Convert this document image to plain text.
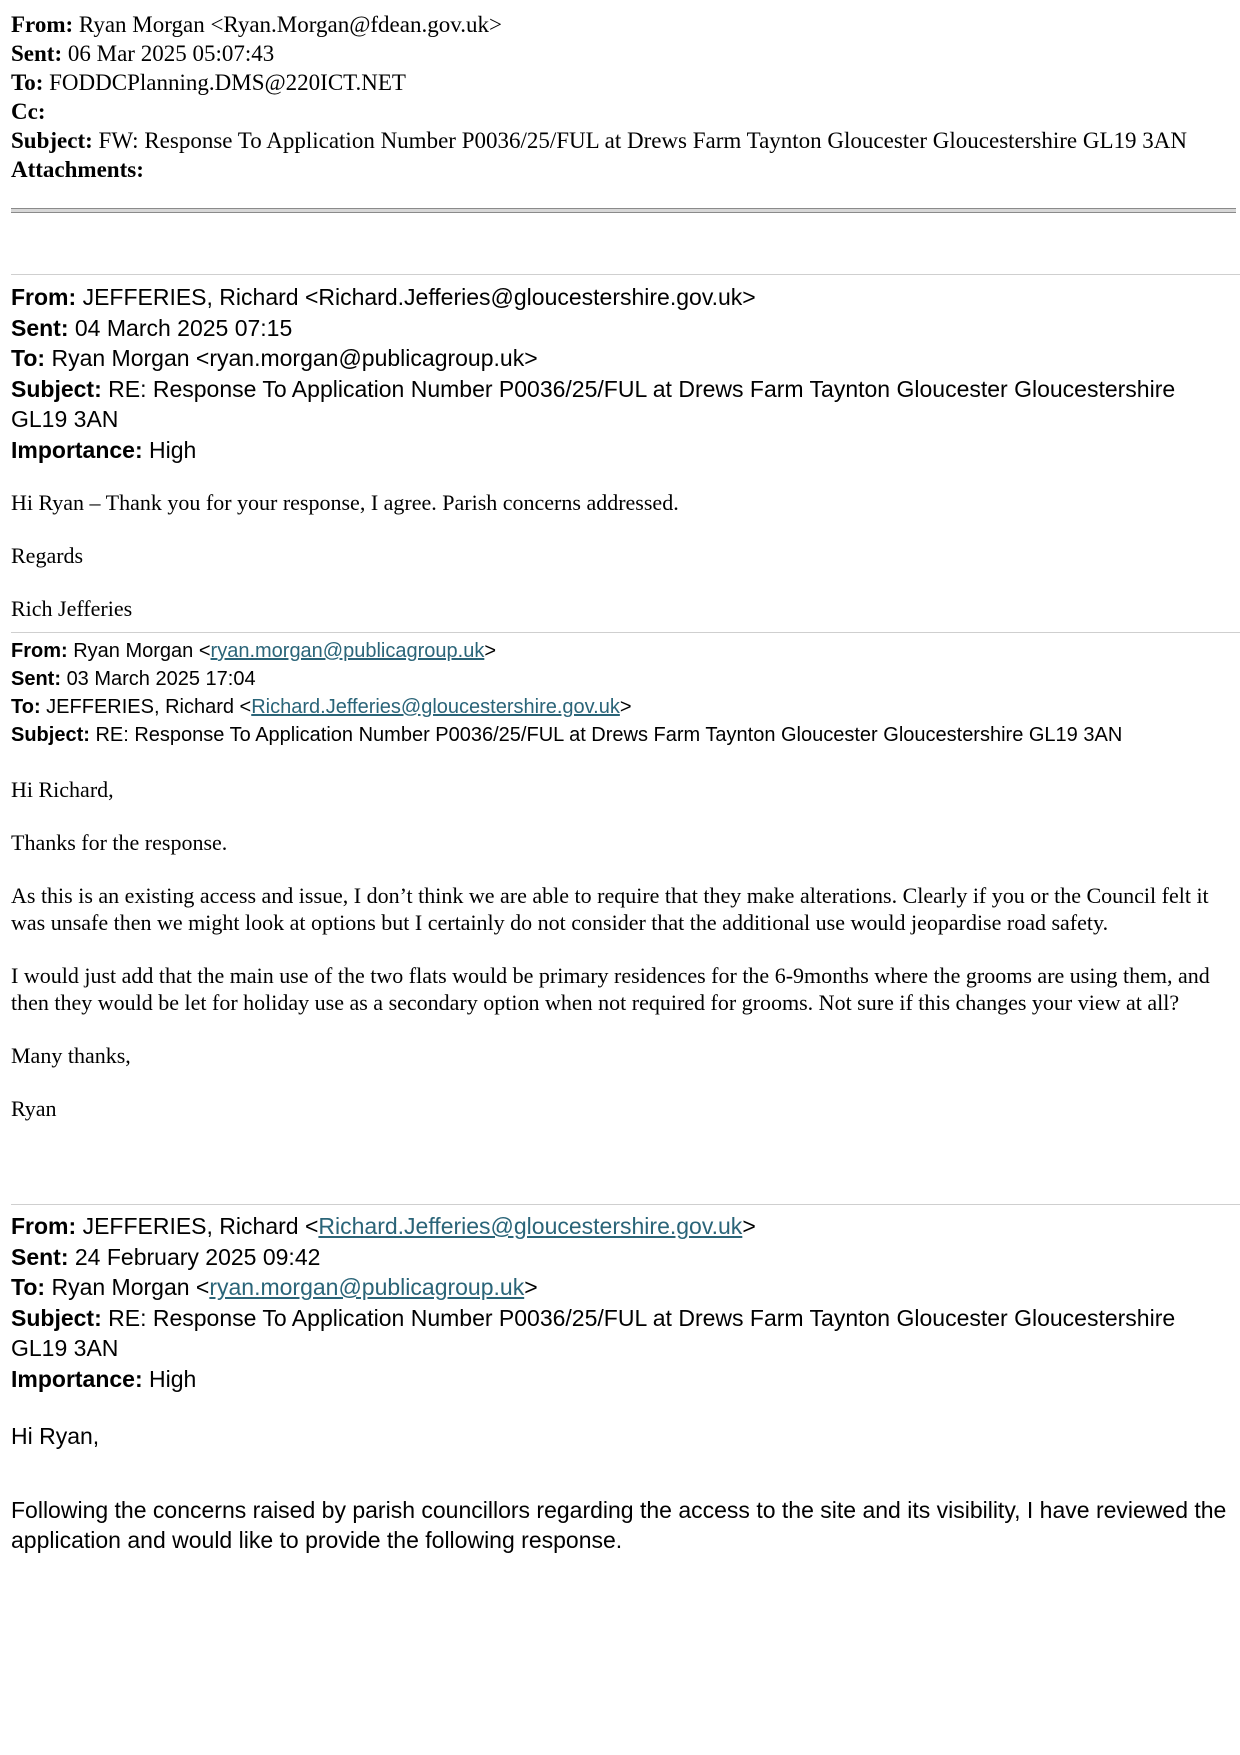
From: Ryan Morgan <Ryan.Morgan@fdean.gov.uk>
Sent: 06 Mar 2025 05:07:43
To: FODDCPlanning.DMS@220ICT.NET
Cc:
Subject: FW: Response To Application Number P0036/25/FUL at Drews Farm Taynton Gloucester Gloucestershire GL19 3AN
Attachments:
From: JEFFERIES, Richard <Richard.Jefferies@gloucestershire.gov.uk>
Sent: 04 March 2025 07:15
To: Ryan Morgan <ryan.morgan@publicagroup.uk>
Subject: RE: Response To Application Number P0036/25/FUL at Drews Farm Taynton Gloucester Gloucestershire GL19 3AN
Importance: High

Hi Ryan – Thank you for your response, I agree. Parish concerns addressed.

Regards

Rich Jefferies

From: Ryan Morgan <ryan.morgan@publicagroup.uk>
Sent: 03 March 2025 17:04
To: JEFFERIES, Richard <Richard.Jefferies@gloucestershire.gov.uk>
Subject: RE: Response To Application Number P0036/25/FUL at Drews Farm Taynton Gloucester Gloucestershire GL19 3AN

Hi Richard,

Thanks for the response.

As this is an existing access and issue, I don’t think we are able to require that they make alterations. Clearly if you or the Council felt it was unsafe then we might look at options but I certainly do not consider that the additional use would jeopardise road safety.

I would just add that the main use of the two flats would be primary residences for the 6-9months where the grooms are using them, and then they would be let for holiday use as a secondary option when not required for grooms. Not sure if this changes your view at all?

Many thanks,

Ryan

From: JEFFERIES, Richard <Richard.Jefferies@gloucestershire.gov.uk>
Sent: 24 February 2025 09:42
To: Ryan Morgan <ryan.morgan@publicagroup.uk>
Subject: RE: Response To Application Number P0036/25/FUL at Drews Farm Taynton Gloucester Gloucestershire GL19 3AN
Importance: High

Hi Ryan,

Following the concerns raised by parish councillors regarding the access to the site and its visibility, I have reviewed the application and would like to provide the following response.
